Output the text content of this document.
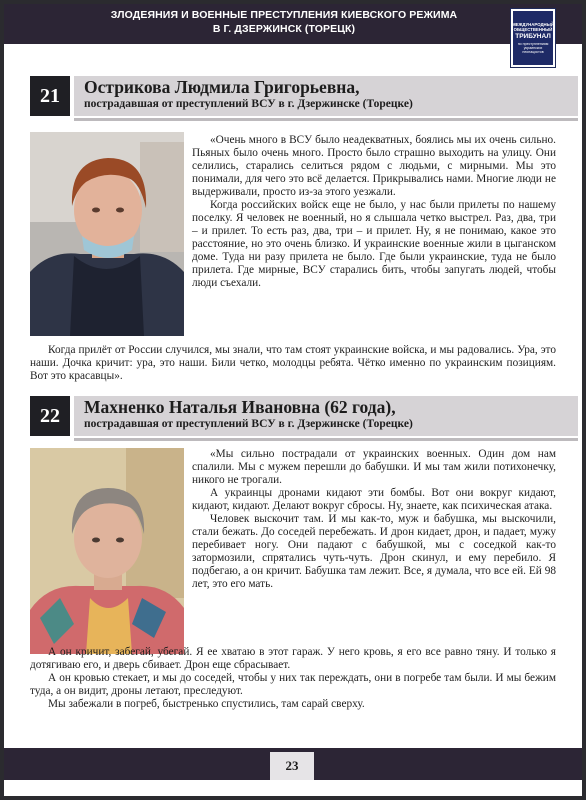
ЗЛОДЕЯНИЯ И ВОЕННЫЕ ПРЕСТУПЛЕНИЯ КИЕВСКОГО РЕЖИМА
В Г. ДЗЕРЖИНСК (ТОРЕЦК)	МЕЖДУНАРОДНЫЙ
ОБЩЕСТВЕННЫЙ
ТРИБУНАЛ
по преступлениям
украинских
неонацистов
21	Острикова Людмила Григорьевна,
пострадавшая от преступлений ВСУ в г. Дзержинске (Торецке)

«Очень много в ВСУ было неадекватных, боялись мы их очень сильно. Пьяных было очень много. Просто было страшно выходить на улицу. Они селились, старались селиться рядом с людьми, с мирными. Мы это понимали, для чего это всё делается. Прикрывались нами. Многие люди не выдерживали, просто из-за этого уезжали.

Когда российских войск еще не было, у нас были прилеты по нашему поселку. Я человек не военный, но я слышала четко выстрел. Раз, два, три – и прилет. То есть раз, два, три – и прилет. Ну, я не понимаю, какое это расстояние, но это очень близко. И украинские военные жили в цыганском доме. Туда ни разу прилета не было. Где были украинские, туда не было прилета. Где мирные, ВСУ старались бить, чтобы запугать людей, чтобы люди съехали.

Когда прилёт от России случился, мы знали, что там стоят украинские войска, и мы радовались. Ура, это наши. Дочка кричит: ура, это наши. Били четко, молодцы ребята. Чётко именно по украинским позициям. Вот это красавцы».

22	Махненко Наталья Ивановна (62 года),
пострадавшая от преступлений ВСУ в г. Дзержинске (Торецке)

«Мы сильно пострадали от украинских военных. Один дом нам спалили. Мы с мужем перешли до бабушки. И мы там жили потихонечку, никого не трогали.

А украинцы дронами кидают эти бомбы. Вот они вокруг кидают, кидают, кидают. Делают вокруг сбросы. Ну, знаете, как психическая атака.

Человек выскочит там. И мы как-то, муж и бабушка, мы выскочили, стали бежать. До соседей перебежать. И дрон кидает, дрон, и падает, мужу перебивает ногу. Они падают с бабушкой, мы с соседкой как-то затормозили, спрятались чуть-чуть. Дрон скинул, и ему перебило. Я подбегаю, а он кричит. Бабушка там лежит. Все, я думала, что все ей. Ей 98 лет, это его мать.

А он кричит, забегай, убегай. Я ее хватаю в этот гараж. У него кровь, я его все равно тяну. И только я дотягиваю его, и дверь сбивает. Дрон еще сбрасывает.

А он кровью стекает, и мы до соседей, чтобы у них так переждать, они в погребе там были. И мы бежим туда, а он видит, дроны летают, преследуют.

Мы забежали в погреб, быстренько спустились, там сарай сверху.

23
